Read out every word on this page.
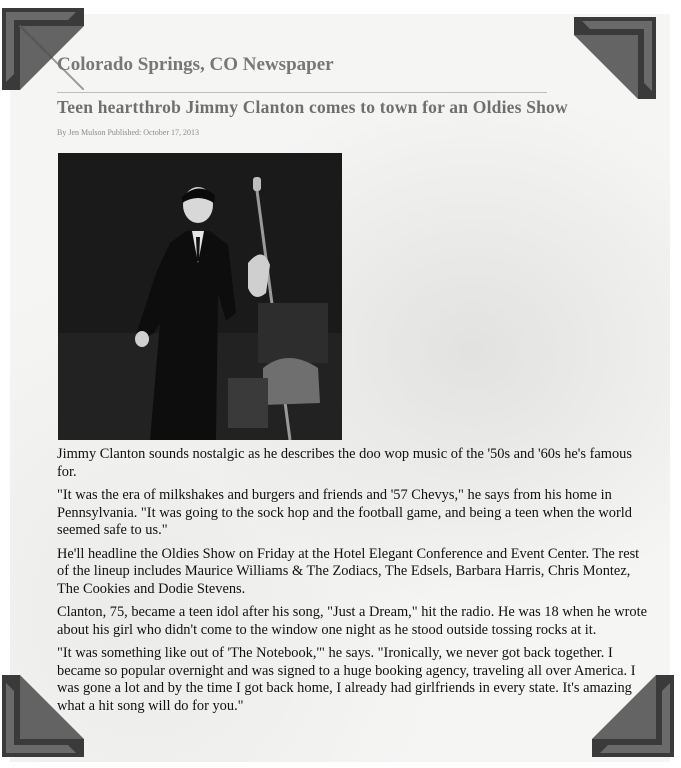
Colorado Springs, CO Newspaper
Teen heartthrob Jimmy Clanton comes to town for an Oldies Show
By Jen Mulson Published: October 17, 2013

Jimmy Clanton sounds nostalgic as he describes the doo wop music of the '50s and '60s he's famous for.

"It was the era of milkshakes and burgers and friends and '57 Chevys," he says from his home in Pennsylvania. "It was going to the sock hop and the football game, and being a teen when the world seemed safe to us."

He'll headline the Oldies Show on Friday at the Hotel Elegant Conference and Event Center. The rest of the lineup includes Maurice Williams & The Zodiacs, The Edsels, Barbara Harris, Chris Montez, The Cookies and Dodie Stevens.

Clanton, 75, became a teen idol after his song, "Just a Dream," hit the radio. He was 18 when he wrote about his girl who didn't come to the window one night as he stood outside tossing rocks at it.

"It was something like out of 'The Notebook,'" he says. "Ironically, we never got back together. I became so popular overnight and was signed to a huge booking agency, traveling all over America. I was gone a lot and by the time I got back home, I already had girlfriends in every state. It's amazing what a hit song will do for you."
